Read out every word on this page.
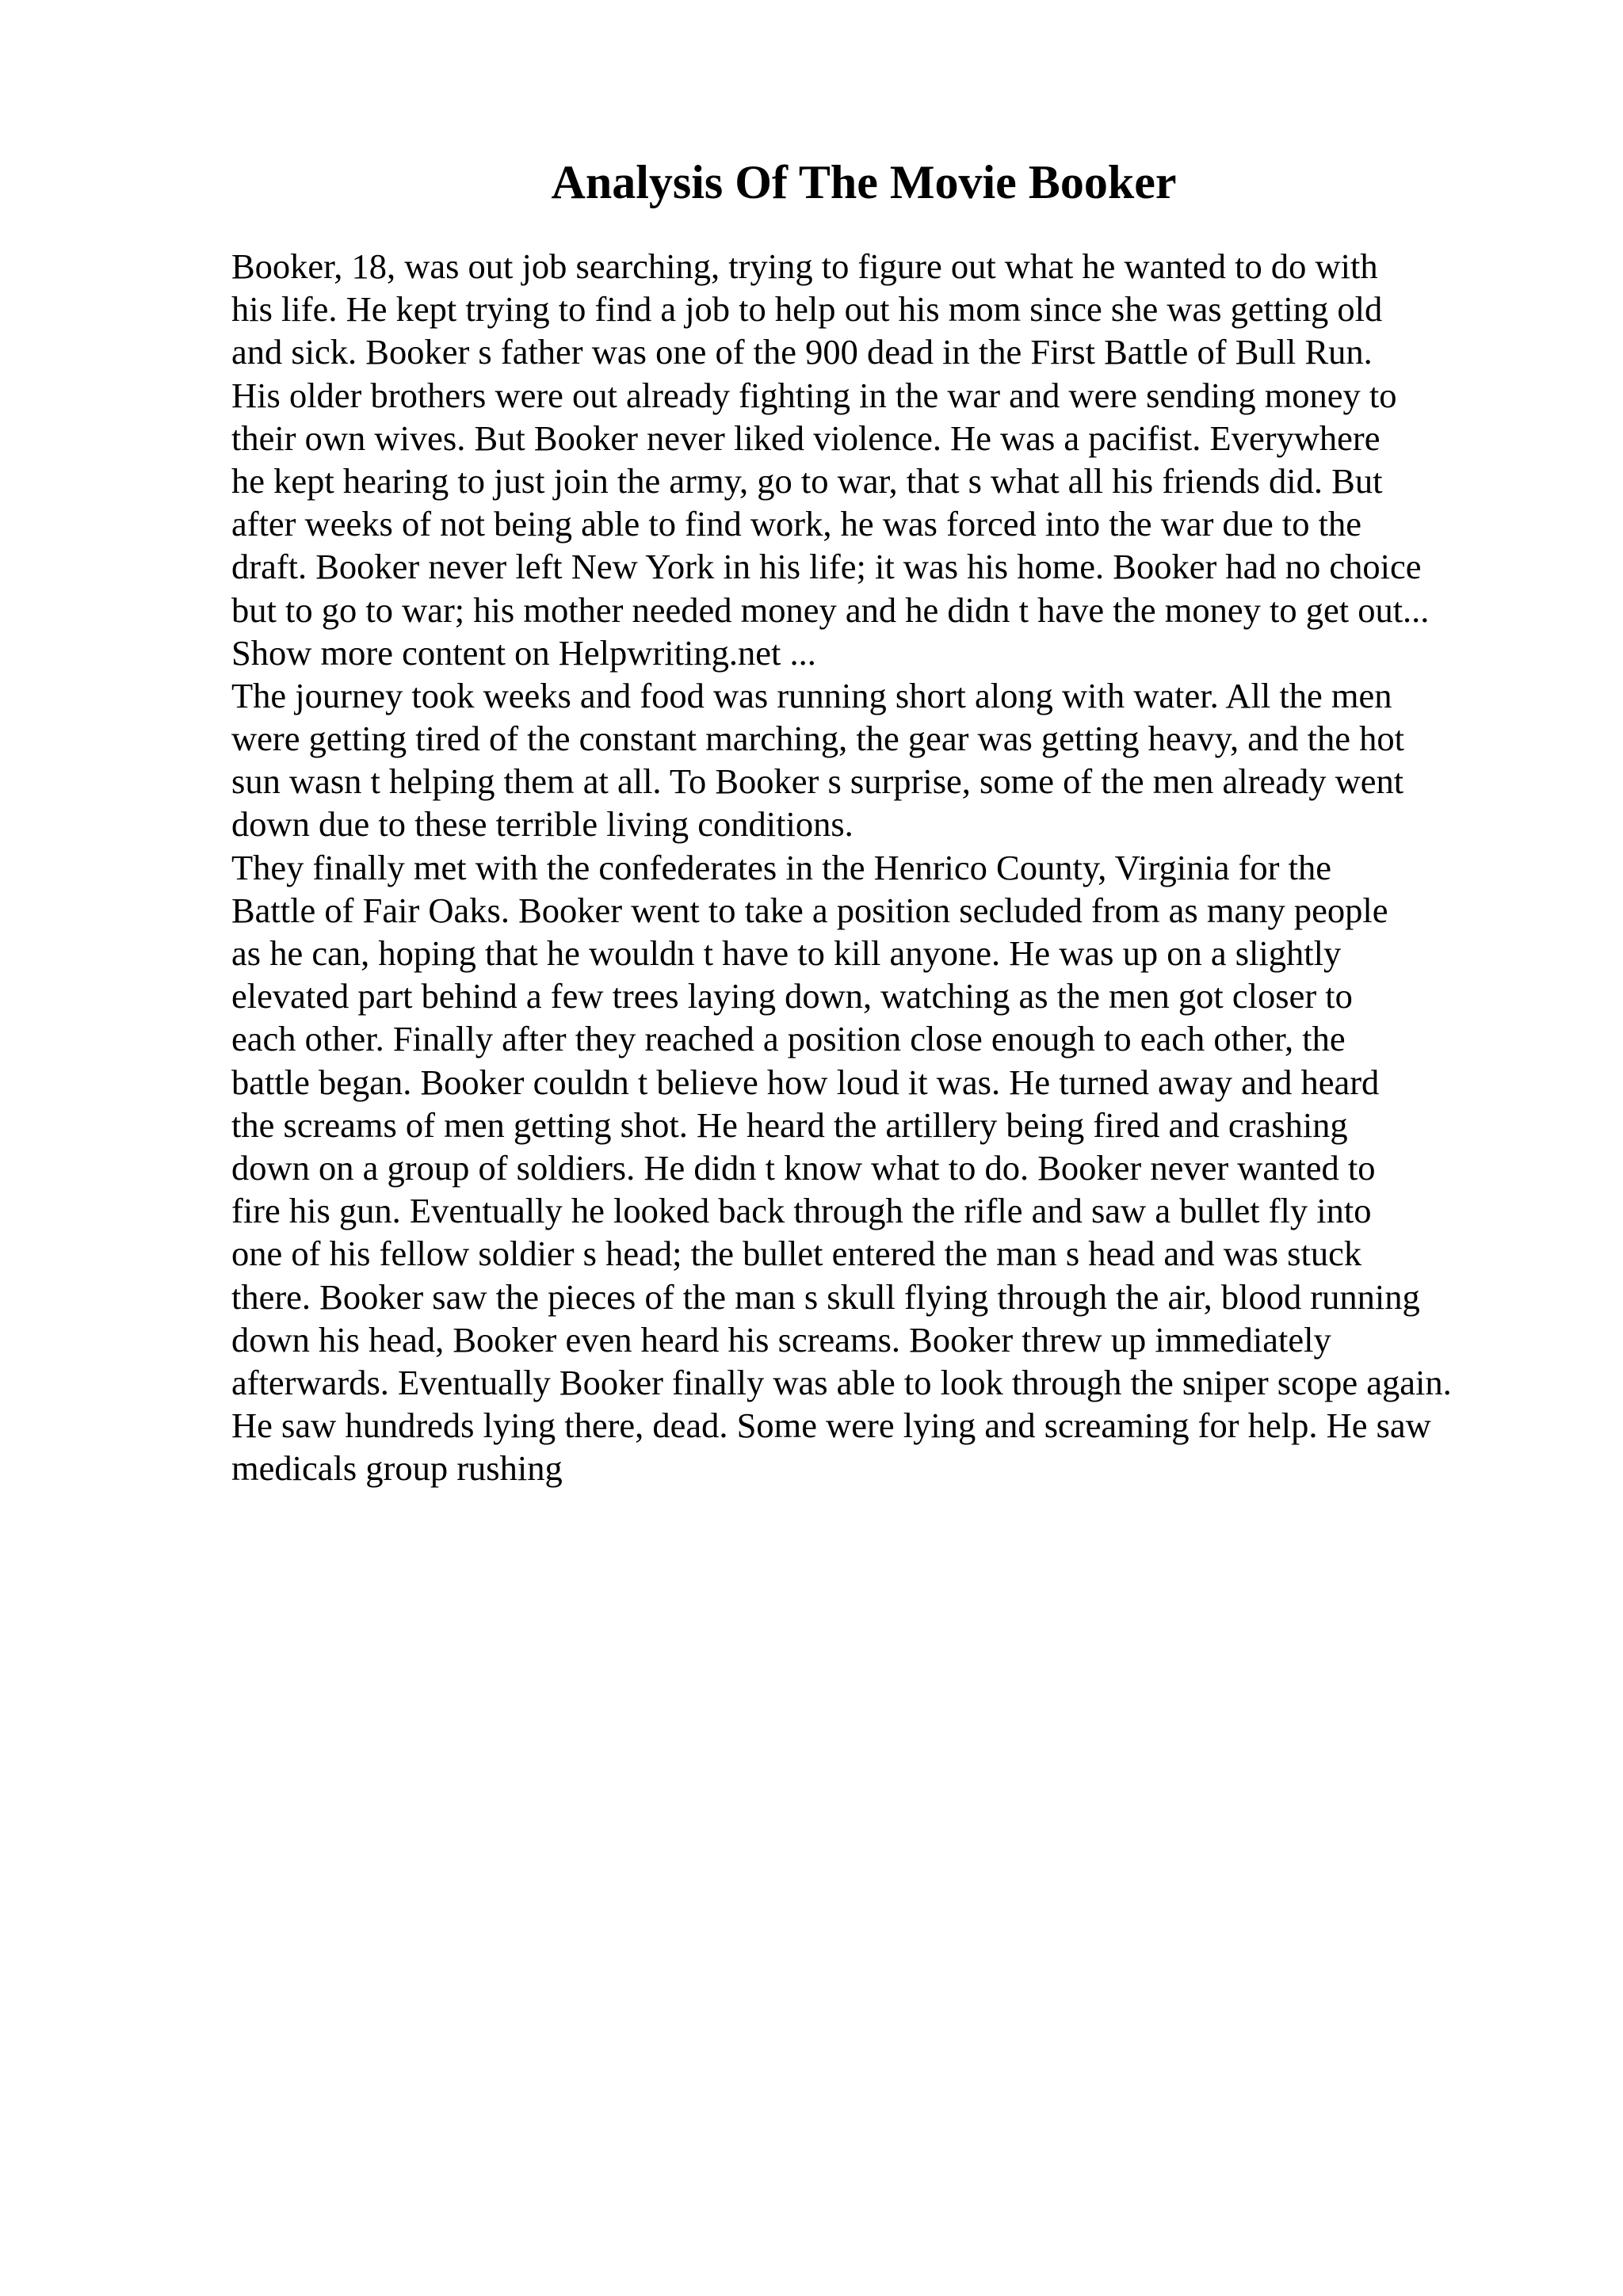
Analysis Of The Movie Booker
Booker, 18, was out job searching, trying to figure out what he wanted to do with
his life. He kept trying to find a job to help out his mom since she was getting old
and sick. Booker s father was one of the 900 dead in the First Battle of Bull Run.
His older brothers were out already fighting in the war and were sending money to
their own wives. But Booker never liked violence. He was a pacifist. Everywhere
he kept hearing to just join the army, go to war, that s what all his friends did. But
after weeks of not being able to find work, he was forced into the war due to the
draft. Booker never left New York in his life; it was his home. Booker had no choice
but to go to war; his mother needed money and he didn t have the money to get out...
Show more content on Helpwriting.net ...
The journey took weeks and food was running short along with water. All the men
were getting tired of the constant marching, the gear was getting heavy, and the hot
sun wasn t helping them at all. To Booker s surprise, some of the men already went
down due to these terrible living conditions.
They finally met with the confederates in the Henrico County, Virginia for the
Battle of Fair Oaks. Booker went to take a position secluded from as many people
as he can, hoping that he wouldn t have to kill anyone. He was up on a slightly
elevated part behind a few trees laying down, watching as the men got closer to
each other. Finally after they reached a position close enough to each other, the
battle began. Booker couldn t believe how loud it was. He turned away and heard
the screams of men getting shot. He heard the artillery being fired and crashing
down on a group of soldiers. He didn t know what to do. Booker never wanted to
fire his gun. Eventually he looked back through the rifle and saw a bullet fly into
one of his fellow soldier s head; the bullet entered the man s head and was stuck
there. Booker saw the pieces of the man s skull flying through the air, blood running
down his head, Booker even heard his screams. Booker threw up immediately
afterwards. Eventually Booker finally was able to look through the sniper scope again.
He saw hundreds lying there, dead. Some were lying and screaming for help. He saw
medicals group rushing
